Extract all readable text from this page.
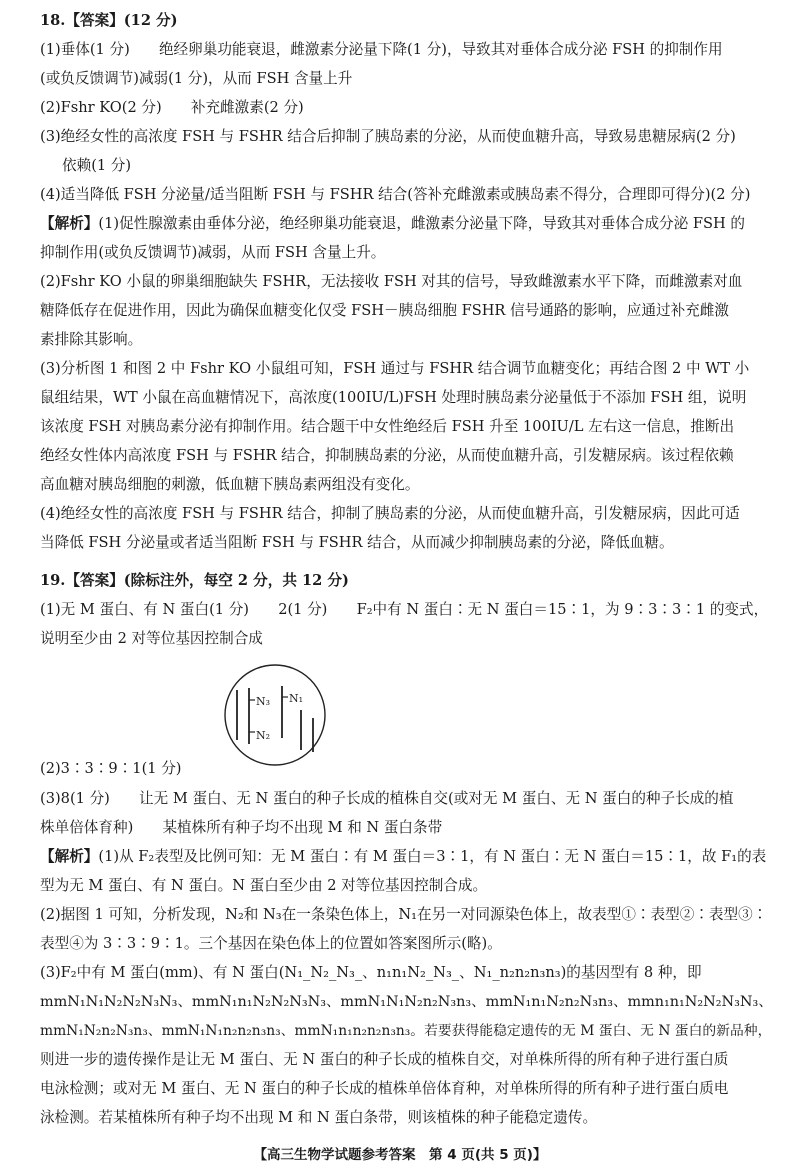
18.【答案】(12 分)
(1)垂体(1 分)　　绝经卵巢功能衰退，雌激素分泌量下降(1 分)，导致其对垂体合成分泌 FSH 的抑制作用
(或负反馈调节)减弱(1 分)，从而 FSH 含量上升
(2)Fshr KO(2 分)　　补充雌激素(2 分)
(3)绝经女性的高浓度 FSH 与 FSHR 结合后抑制了胰岛素的分泌，从而使血糖升高，导致易患糖尿病(2 分)
依赖(1 分)
(4)适当降低 FSH 分泌量/适当阻断 FSH 与 FSHR 结合(答补充雌激素或胰岛素不得分，合理即可得分)(2 分)
【解析】(1)促性腺激素由垂体分泌，绝经卵巢功能衰退，雌激素分泌量下降，导致其对垂体合成分泌 FSH 的
抑制作用(或负反馈调节)减弱，从而 FSH 含量上升。
(2)Fshr KO 小鼠的卵巢细胞缺失 FSHR，无法接收 FSH 对其的信号，导致雌激素水平下降，而雌激素对血
糖降低存在促进作用，因此为确保血糖变化仅受 FSH－胰岛细胞 FSHR 信号通路的影响，应通过补充雌激
素排除其影响。
(3)分析图 1 和图 2 中 Fshr KO 小鼠组可知，FSH 通过与 FSHR 结合调节血糖变化；再结合图 2 中 WT 小
鼠组结果，WT 小鼠在高血糖情况下，高浓度(100IU/L)FSH 处理时胰岛素分泌量低于不添加 FSH 组，说明
该浓度 FSH 对胰岛素分泌有抑制作用。结合题干中女性绝经后 FSH 升至 100IU/L 左右这一信息，推断出
绝经女性体内高浓度 FSH 与 FSHR 结合，抑制胰岛素的分泌，从而使血糖升高，引发糖尿病。该过程依赖
高血糖对胰岛细胞的刺激，低血糖下胰岛素两组没有变化。
(4)绝经女性的高浓度 FSH 与 FSHR 结合，抑制了胰岛素的分泌，从而使血糖升高，引发糖尿病，因此可适
当降低 FSH 分泌量或者适当阻断 FSH 与 FSHR 结合，从而减少抑制胰岛素的分泌，降低血糖。
19.【答案】(除标注外，每空 2 分，共 12 分)
(1)无 M 蛋白、有 N 蛋白(1 分)　　2(1 分)　　F₂中有 N 蛋白∶无 N 蛋白＝15∶1，为 9∶3∶3∶1 的变式，
说明至少由 2 对等位基因控制合成
N₃
N₂
N₁
(2)3∶3∶9∶1(1 分)
(3)8(1 分)　　让无 M 蛋白、无 N 蛋白的种子长成的植株自交(或对无 M 蛋白、无 N 蛋白的种子长成的植
株单倍体育种)　　某植株所有种子均不出现 M 和 N 蛋白条带
【解析】(1)从 F₂表型及比例可知：无 M 蛋白∶有 M 蛋白＝3∶1，有 N 蛋白∶无 N 蛋白＝15∶1，故 F₁的表
型为无 M 蛋白、有 N 蛋白。N 蛋白至少由 2 对等位基因控制合成。
(2)据图 1 可知，分析发现，N₂和 N₃在一条染色体上，N₁在另一对同源染色体上，故表型①∶表型②∶表型③∶
表型④为 3∶3∶9∶1。三个基因在染色体上的位置如答案图所示(略)。
(3)F₂中有 M 蛋白(mm)、有 N 蛋白(N₁_N₂_N₃_、n₁n₁N₂_N₃_、N₁_n₂n₂n₃n₃)的基因型有 8 种，即
mmN₁N₁N₂N₂N₃N₃、mmN₁n₁N₂N₂N₃N₃、mmN₁N₁N₂n₂N₃n₃、mmN₁n₁N₂n₂N₃n₃、mmn₁n₁N₂N₂N₃N₃、
mmN₁N₂n₂N₃n₃、mmN₁N₁n₂n₂n₃n₃、mmN₁n₁n₂n₂n₃n₃。若要获得能稳定遗传的无 M 蛋白、无 N 蛋白的新品种，
则进一步的遗传操作是让无 M 蛋白、无 N 蛋白的种子长成的植株自交，对单株所得的所有种子进行蛋白质
电泳检测；或对无 M 蛋白、无 N 蛋白的种子长成的植株单倍体育种，对单株所得的所有种子进行蛋白质电
泳检测。若某植株所有种子均不出现 M 和 N 蛋白条带，则该植株的种子能稳定遗传。
【高三生物学试题参考答案　第 4 页(共 5 页)】
